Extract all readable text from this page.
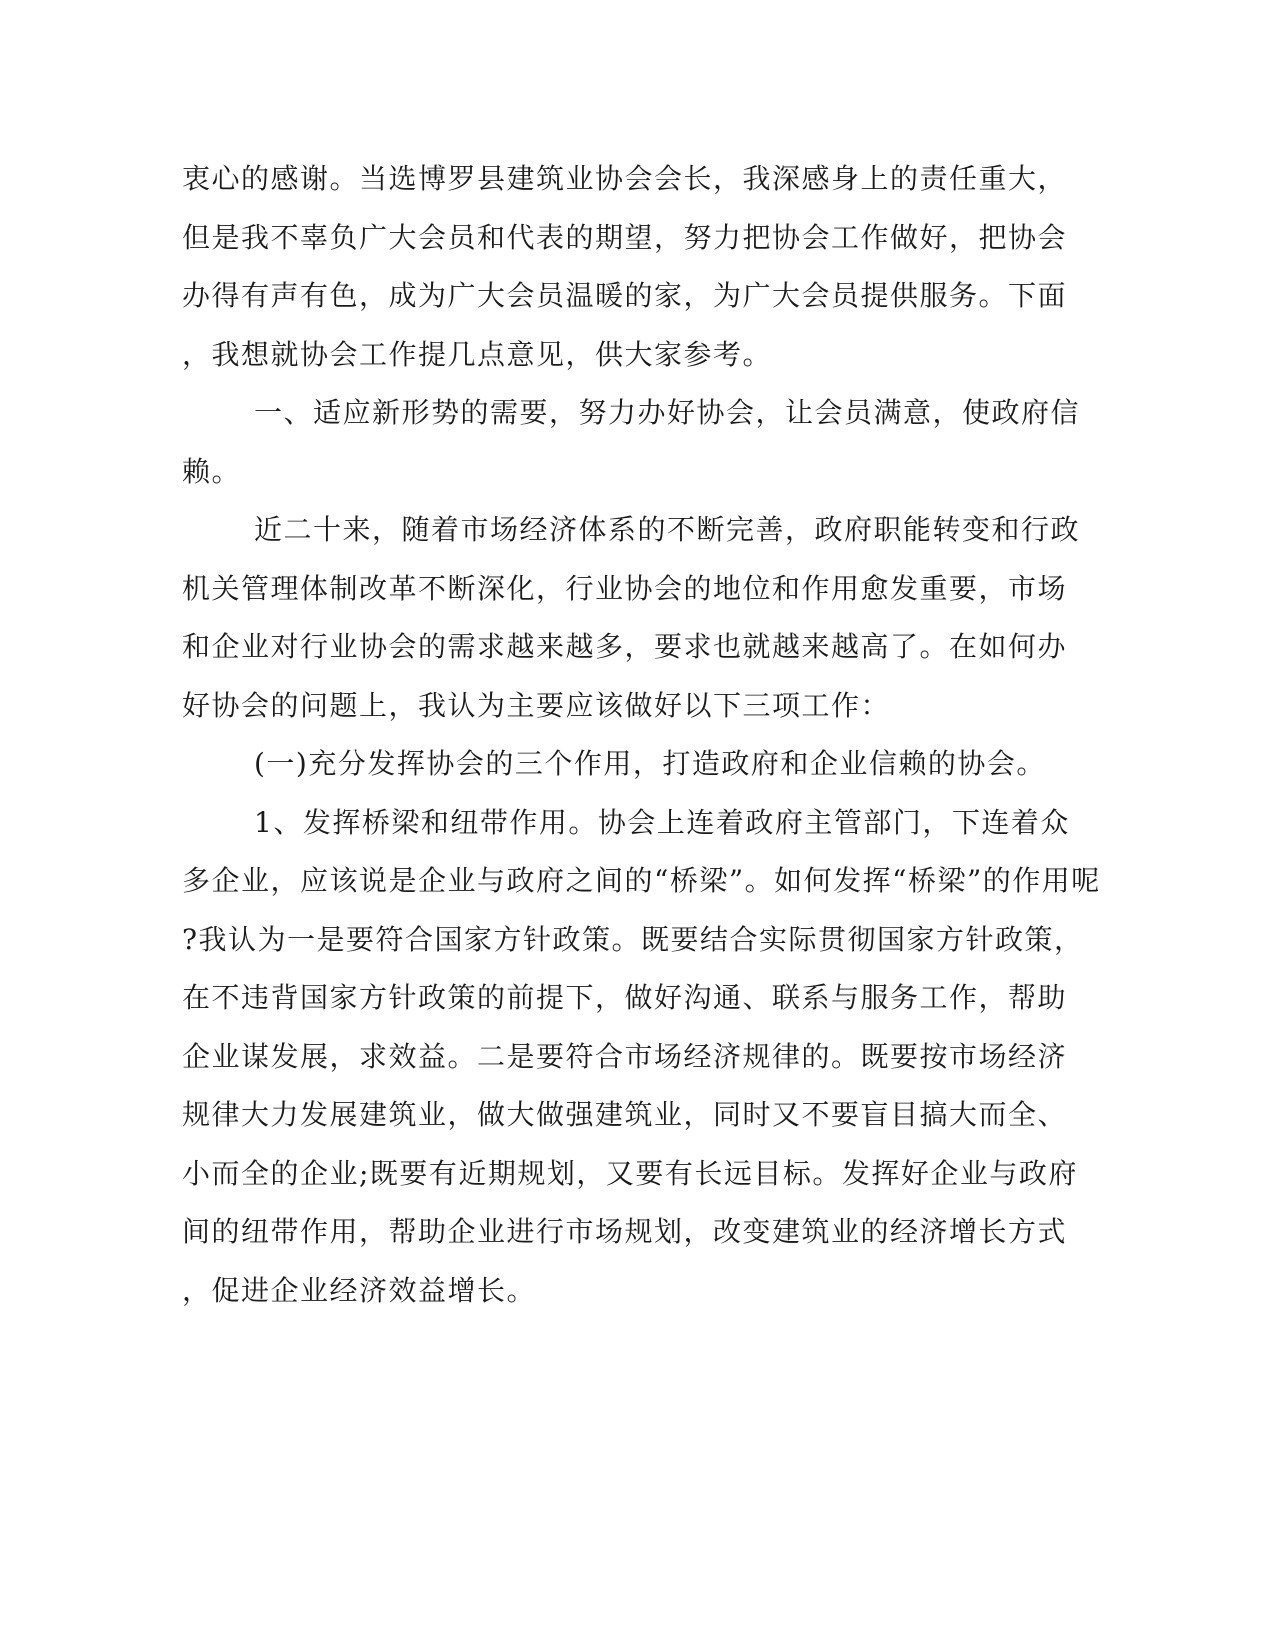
衷心的感谢。当选博罗县建筑业协会会长，我深感身上的责任重大，
但是我不辜负广大会员和代表的期望，努力把协会工作做好，把协会
办得有声有色，成为广大会员温暖的家，为广大会员提供服务。下面
，我想就协会工作提几点意见，供大家参考。
一、适应新形势的需要，努力办好协会，让会员满意，使政府信
赖。
近二十来，随着市场经济体系的不断完善，政府职能转变和行政
机关管理体制改革不断深化，行业协会的地位和作用愈发重要，市场
和企业对行业协会的需求越来越多，要求也就越来越高了。在如何办
好协会的问题上，我认为主要应该做好以下三项工作：
(一)充分发挥协会的三个作用，打造政府和企业信赖的协会。
1、发挥桥梁和纽带作用。协会上连着政府主管部门，下连着众
多企业，应该说是企业与政府之间的“桥梁”。如何发挥“桥梁”的作用呢
?我认为一是要符合国家方针政策。既要结合实际贯彻国家方针政策，
在不违背国家方针政策的前提下，做好沟通、联系与服务工作，帮助
企业谋发展，求效益。二是要符合市场经济规律的。既要按市场经济
规律大力发展建筑业，做大做强建筑业，同时又不要盲目搞大而全、
小而全的企业;既要有近期规划，又要有长远目标。发挥好企业与政府
间的纽带作用，帮助企业进行市场规划，改变建筑业的经济增长方式
，促进企业经济效益增长。
